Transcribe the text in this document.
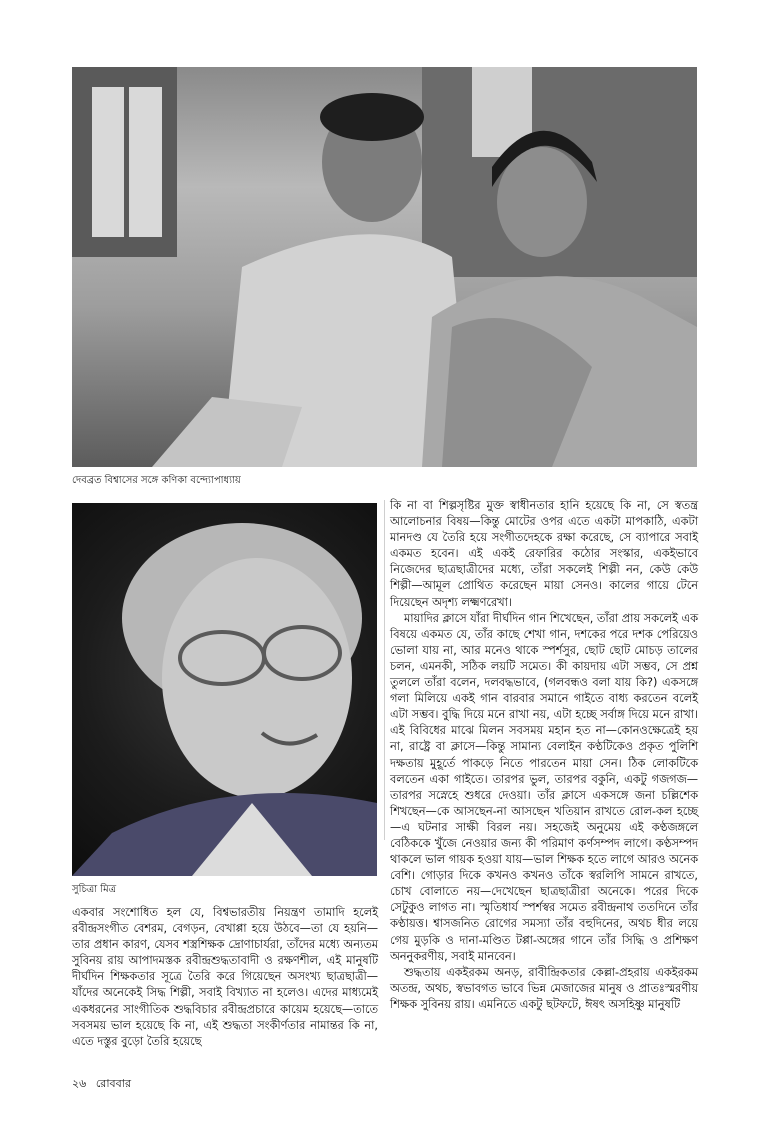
দেবব্রত বিশ্বাসের সঙ্গে কণিকা বন্দ্যোপাধ্যায়
সুচিত্রা মিত্র

কি না বা শিল্পসৃষ্টির মুক্ত স্বাধীনতার হানি হয়েছে কি না, সে স্বতন্ত্র আলোচনার বিষয়—কিন্তু মোটের ওপর এতে একটা মাপকাঠি, একটা মানদণ্ড যে তৈরি হয়ে সংগীতদেহকে রক্ষা করেছে, সে ব্যাপারে সবাই একমত হবেন। এই একই রেফারির কঠোর সংস্কার, একইভাবে নিজেদের ছাত্রছাত্রীদের মধ্যে, তাঁরা সকলেই শিল্পী নন, কেউ কেউ শিল্পী—আমূল প্রোথিত করেছেন মায়া সেনও। কালের গায়ে টেনে দিয়েছেন অদৃশ্য লক্ষ্মণরেখা।

মায়াদির ক্লাসে যাঁরা দীর্ঘদিন গান শিখেছেন, তাঁরা প্রায় সকলেই এক বিষয়ে একমত যে, তাঁর কাছে শেখা গান, দশকের পরে দশক পেরিয়েও ভোলা যায় না, আর মনেও থাকে স্পর্শসুর, ছোট ছোট মোচড় তালের চলন, এমনকী, সঠিক লয়টি সমেত। কী কায়দায় এটা সম্ভব, সে প্রশ্ন তুললে তাঁরা বলেন, দলবদ্ধভাবে, (গলবন্ধও বলা যায় কি?) একসঙ্গে গলা মিলিয়ে একই গান বারবার সমানে গাইতে বাধ্য করতেন বলেই এটা সম্ভব। বুদ্ধি দিয়ে মনে রাখা নয়, এটা হচ্ছে সর্বাঙ্গ দিয়ে মনে রাখা। এই বিবিধের মাঝে মিলন সবসময় মহান হত না—কোনওক্ষেত্রেই হয় না, রাষ্ট্রে বা ক্লাসে—কিন্তু সামান্য বেলাইন কণ্ঠটিকেও প্রকৃত পুলিশি দক্ষতায় মুহূর্তে পাকড়ে নিতে পারতেন মায়া সেন। ঠিক লোকটিকে বলতেন একা গাইতে। তারপর ভুল, তারপর বকুনি, একটু গজগজ—তারপর সস্নেহে শুধরে দেওয়া। তাঁর ক্লাসে একসঙ্গে জনা চল্লিশেক শিখছেন—কে আসছেন-না আসছেন খতিয়ান রাখতে রোল-কল হচ্ছে—এ ঘটনার সাক্ষী বিরল নয়। সহজেই অনুমেয় এই কণ্ঠজঙ্গলে বেঠিককে খুঁজে নেওয়ার জন্য কী পরিমাণ কর্ণসম্পদ লাগে। কণ্ঠসম্পদ থাকলে ভাল গায়ক হওয়া যায়—ভাল শিক্ষক হতে লাগে আরও অনেক বেশি। গোড়ার দিকে কখনও কখনও তাঁকে স্বরলিপি সামনে রাখতে, চোখ বোলাতে নয়—দেখেছেন ছাত্রছাত্রীরা অনেকে। পরের দিকে সেটুকুও লাগত না। স্মৃতিধার্য স্পর্শস্বর সমেত রবীন্দ্রনাথ ততদিনে তাঁর কণ্ঠায়ত্ত। শ্বাসজনিত রোগের সমস্যা তাঁর বহুদিনের, অথচ ধীর লয়ে গেয় মুড়কি ও দানা-মণ্ডিত টপ্পা-অঙ্গের গানে তাঁর সিদ্ধি ও প্রশিক্ষণ অননুকরণীয়, সবাই মানবেন।

শুদ্ধতায় একইরকম অনড়, রাবীন্দ্রিকতার কেল্লা-প্রহরায় একইরকম অতন্দ্র, অথচ, স্বভাবগত ভাবে ভিন্ন মেজাজের মানুষ ও প্রাতঃস্মরণীয় শিক্ষক সুবিনয় রায়। এমনিতে একটু ছটফটে, ঈষৎ অসহিষ্ণু মানুষটি

একবার সংশোধিত হল যে, বিশ্বভারতীয় নিয়ন্ত্রণ তামাদি হলেই রবীন্দ্রসংগীত বেশরম, বেগড়ন, বেখাপ্পা হয়ে উঠবে—তা যে হয়নি—তার প্রধান কারণ, যেসব শস্ত্রশিক্ষক দ্রোণাচার্যরা, তাঁদের মধ্যে অন্যতম সুবিনয় রায় আপাদমস্তক রবীন্দ্রশুদ্ধতাবাদী ও রক্ষণশীল, এই মানুষটি দীর্ঘদিন শিক্ষকতার সূত্রে তৈরি করে গিয়েছেন অসংখ্য ছাত্রছাত্রী—যাঁদের অনেকেই সিদ্ধ শিল্পী, সবাই বিখ্যাত না হলেও। এদের মাধ্যমেই একধরনের সাংগীতিক শুদ্ধবিচার রবীন্দ্রপ্রচারে কায়েম হয়েছে—তাতে সবসময় ভাল হয়েছে কি না, এই শুদ্ধতা সংকীর্ণতার নামান্তর কি না, এতে দস্তুর বুড়ো তৈরি হয়েছে

২৬ রোববার
